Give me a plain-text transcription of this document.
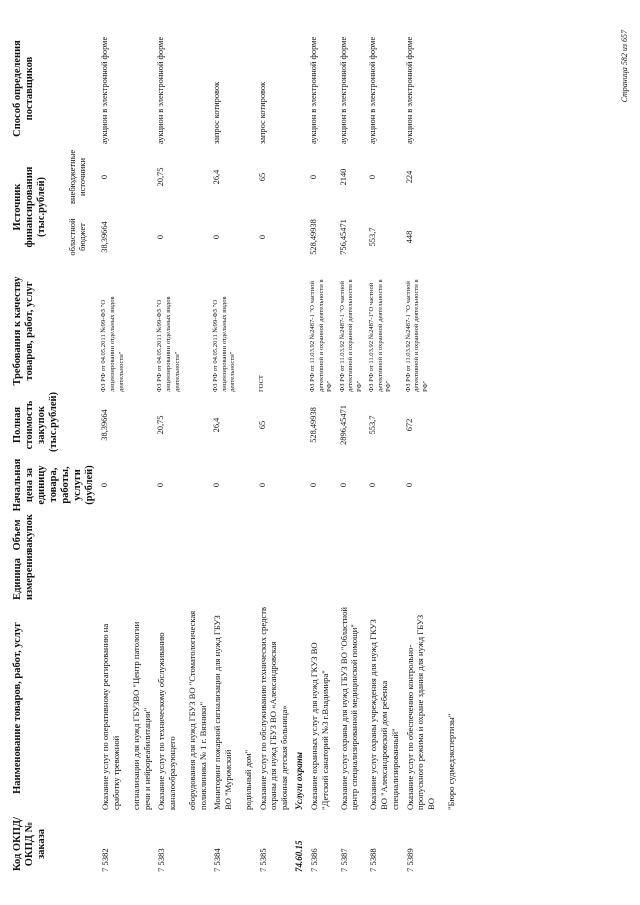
Код ОКПД/ ОКПД № заказа	Наименование товаров, работ, услуг	Единица измерения	Объем закупок	Начальная цена за единицу товара, работы, услуги (рублей)	Полная стоимость закупок (тыс.рублей)	Требования к качеству товаров, работ, услуг	Источник финансирования (тыс.рублей)		Способ определения поставщиков
							областной бюджет	внебюджетные источники	
7 5382	Оказание услуг по оперативному реагированию на сработку тревожной сигнализации для нужд ГБУЗВО "Центр патологии речи и нейрореабилитации"			0	38,39664	ФЗ РФ от 04.05.2011 №99-ФЗ "О лицензировании отдельных видов деятельности"	38,39664	0	аукцион в электронной форме
7 5383	Оказание услуг по техническому обслуживанию каналообразующего оборудования для нужд ГБУЗ ВО "Стоматологическая поликлиника № 1 г. Вязники"			0	20,75	ФЗ РФ от 04.05.2011 №99-ФЗ "О лицензировании отдельных видов деятельности"	0	20,75	аукцион в электронной форме
7 5384	Мониторинг пожарной сигнализации для нужд ГБУЗ ВО "Муромский родильный дом"			0	26,4	ФЗ РФ от 04.05.2011 №99-ФЗ "О лицензировании отдельных видов деятельности"	0	26,4	запрос котировок
7 5385	Оказание услуг по обслуживанию технических средств охраны для нужд ГБУЗ ВО «Александровская районная детская больница»			0	65	ГОСТ	0	65	запрос котировок
74.60.15	Услуги охраны								
7 5386	Оказание охранных услуг для нужд ГКУЗ ВО "Детский санаторий №3 г.Владимира"			0	528,49938	ФЗ РФ от 11.03.92 №2487-1 "О частной детективной и охранной деятельности в РФ"	528,49938	0	аукцион в электронной форме
7 5387	Оказание услуг охраны для нужд ГБУЗ ВО "Областной центр специализированной медицинской помощи"			0	2896,45471	ФЗ РФ от 11.03.92 №2487-1 "О частной детективной и охранной деятельности в РФ"	756,45471	2140	аукцион в электронной форме
7 5388	Оказание услуг охраны учреждения для нужд ГКУЗ ВО "Александровский дом ребенка специализированный"			0	553,7	ФЗ РФ от 11.03.92 №2487-1"О частной детективной и охранной деятельности в РФ"	553,7	0	аукцион в электронной форме
7 5389	Оказание услуг по обеспечению контрольно-пропускного режима и охране здания для нужд ГБУЗ ВО "Бюро судмедэкспертизы"			0	672	ФЗ РФ от 11.03.92 №2487-1 "О частной детективной и охранной деятельности в РФ"	448	224	аукцион в электронной форме	Страница 582 из 657
